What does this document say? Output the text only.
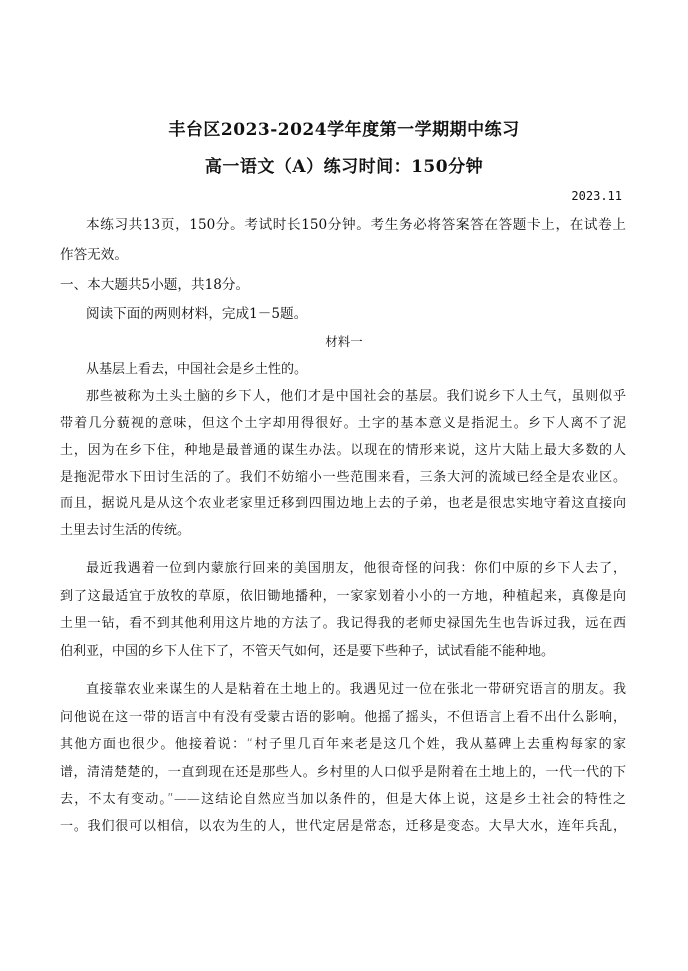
丰台区2023-2024学年度第一学期期中练习
高一语文（A）练习时间：150分钟
2023.11
本练习共13页，150分。考试时长150分钟。考生务必将答案答在答题卡上，在试卷上
作答无效。
一、本大题共5小题，共18分。
阅读下面的两则材料，完成1－5题。
材料一
从基层上看去，中国社会是乡土性的。
那些被称为土头土脑的乡下人，他们才是中国社会的基层。我们说乡下人土气，虽则似乎
带着几分藐视的意味，但这个土字却用得很好。土字的基本意义是指泥土。乡下人离不了泥
土，因为在乡下住，种地是最普通的谋生办法。以现在的情形来说，这片大陆上最大多数的人
是拖泥带水下田讨生活的了。我们不妨缩小一些范围来看，三条大河的流域已经全是农业区。
而且，据说凡是从这个农业老家里迁移到四围边地上去的子弟，也老是很忠实地守着这直接向
土里去讨生活的传统。
最近我遇着一位到内蒙旅行回来的美国朋友，他很奇怪的问我：你们中原的乡下人去了，
到了这最适宜于放牧的草原，依旧锄地播种，一家家划着小小的一方地，种植起来，真像是向
土里一钻，看不到其他利用这片地的方法了。我记得我的老师史禄国先生也告诉过我，远在西
伯利亚，中国的乡下人住下了，不管天气如何，还是要下些种子，试试看能不能种地。
直接靠农业来谋生的人是粘着在土地上的。我遇见过一位在张北一带研究语言的朋友。我
问他说在这一带的语言中有没有受蒙古语的影响。他摇了摇头，不但语言上看不出什么影响，
其他方面也很少。他接着说：“村子里几百年来老是这几个姓，我从墓碑上去重构每家的家
谱，清清楚楚的，一直到现在还是那些人。乡村里的人口似乎是附着在土地上的，一代一代的下
去，不太有变动。”——这结论自然应当加以条件的，但是大体上说，这是乡土社会的特性之
一。我们很可以相信，以农为生的人，世代定居是常态，迁移是变态。大旱大水，连年兵乱，
